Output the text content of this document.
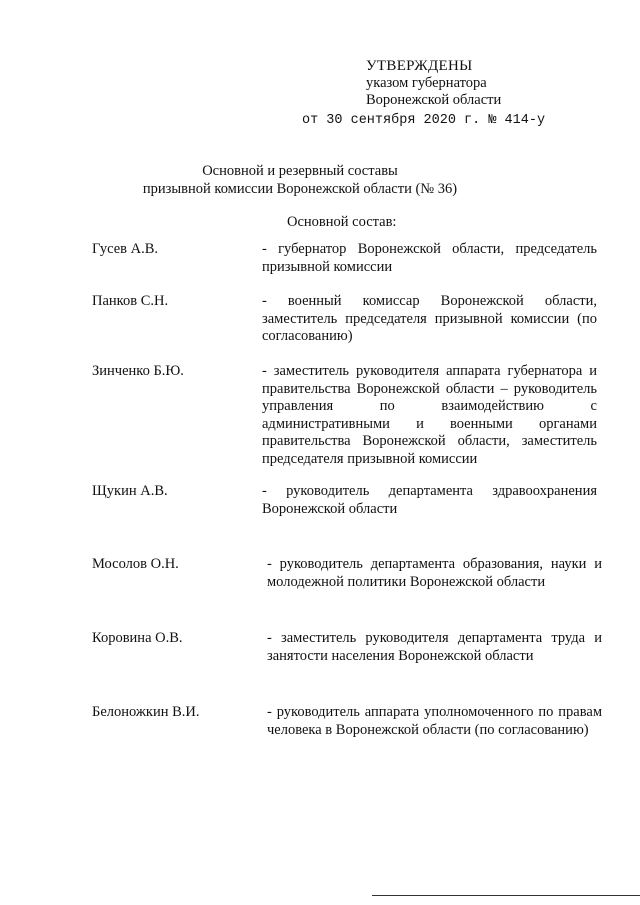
УТВЕРЖДЕНЫ
указом губернатора
Воронежской области
от 30 сентября 2020 г. № 414-у
Основной и резервный составы
призывной комиссии Воронежской области (№ 36)
Основной состав:
Гусев А.В.	- губернатор Воронежской области, председатель призывной комиссии
Панков С.Н.	- военный комиссар Воронежской области, заместитель председателя призывной комиссии (по согласованию)
Зинченко Б.Ю.	- заместитель руководителя аппарата губернатора и правительства Воронежской области – руководитель управления по взаимодействию с административными и военными органами правительства Воронежской области, заместитель председателя призывной комиссии
Щукин А.В.	- руководитель департамента здравоохранения Воронежской области
Мосолов О.Н.	- руководитель департамента образования, науки и молодежной политики Воронежской области
Коровина О.В.	- заместитель руководителя департамента труда и занятости населения Воронежской области
Белоножкин В.И.	- руководитель аппарата уполномоченного по правам человека в Воронежской области (по согласованию)
